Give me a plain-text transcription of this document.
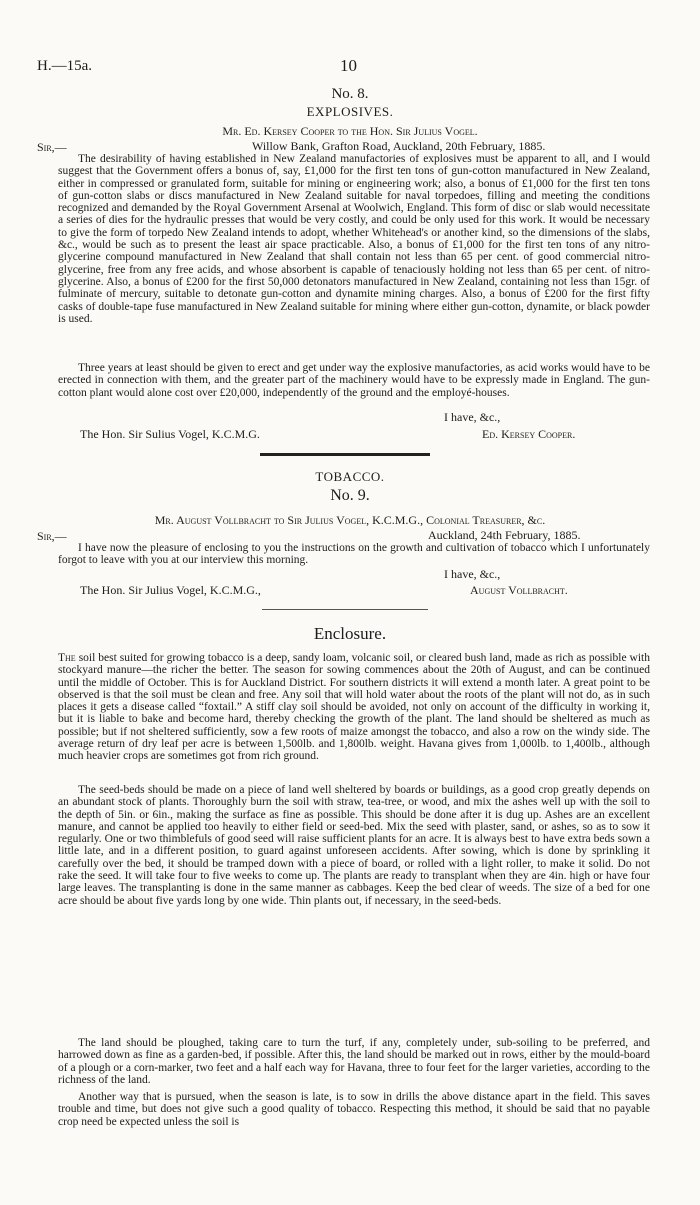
H.—15a.	10
No. 8.
EXPLOSIVES.
Mr. Ed. Kersey Cooper to the Hon. Sir Julius Vogel.
Sir,—	Willow Bank, Grafton Road, Auckland, 20th February, 1885.

The desirability of having established in New Zealand manufactories of explosives must be apparent to all, and I would suggest that the Government offers a bonus of, say, £1,000 for the first ten tons of gun-cotton manufactured in New Zealand, either in compressed or granulated form, suitable for mining or engineering work; also, a bonus of £1,000 for the first ten tons of gun-cotton slabs or discs manufactured in New Zealand suitable for naval torpedoes, filling and meeting the conditions recognized and demanded by the Royal Government Arsenal at Woolwich, England. This form of disc or slab would necessitate a series of dies for the hydraulic presses that would be very costly, and could be only used for this work. It would be necessary to give the form of torpedo New Zealand intends to adopt, whether Whitehead's or another kind, so the dimensions of the slabs, &c., would be such as to present the least air space practicable. Also, a bonus of £1,000 for the first ten tons of any nitro-glycerine compound manufactured in New Zealand that shall contain not less than 65 per cent. of good commercial nitro-glycerine, free from any free acids, and whose absorbent is capable of tenaciously holding not less than 65 per cent. of nitro-glycerine. Also, a bonus of £200 for the first 50,000 detonators manufactured in New Zealand, containing not less than 15gr. of fulminate of mercury, suitable to detonate gun-cotton and dynamite mining charges. Also, a bonus of £200 for the first fifty casks of double-tape fuse manufactured in New Zealand suitable for mining where either gun-cotton, dynamite, or black powder is used.

Three years at least should be given to erect and get under way the explosive manufactories, as acid works would have to be erected in connection with them, and the greater part of the machinery would have to be expressly made in England. The gun-cotton plant would alone cost over £20,000, independently of the ground and the employé-houses.

I have, &c.,
The Hon. Sir Sulius Vogel, K.C.M.G.	Ed. Kersey Cooper.
TOBACCO.
No. 9.
Mr. August Vollbracht to Sir Julius Vogel, K.C.M.G., Colonial Treasurer, &c.
Sir,—	Auckland, 24th February, 1885.

I have now the pleasure of enclosing to you the instructions on the growth and cultivation of tobacco which I unfortunately forgot to leave with you at our interview this morning.

I have, &c.,
The Hon. Sir Julius Vogel, K.C.M.G.,	August Vollbracht.
Enclosure.

The soil best suited for growing tobacco is a deep, sandy loam, volcanic soil, or cleared bush land, made as rich as possible with stockyard manure—the richer the better. The season for sowing commences about the 20th of August, and can be continued until the middle of October. This is for Auckland District. For southern districts it will extend a month later. A great point to be observed is that the soil must be clean and free. Any soil that will hold water about the roots of the plant will not do, as in such places it gets a disease called “foxtail.” A stiff clay soil should be avoided, not only on account of the difficulty in working it, but it is liable to bake and become hard, thereby checking the growth of the plant. The land should be sheltered as much as possible; but if not sheltered sufficiently, sow a few roots of maize amongst the tobacco, and also a row on the windy side. The average return of dry leaf per acre is between 1,500lb. and 1,800lb. weight. Havana gives from 1,000lb. to 1,400lb., although much heavier crops are sometimes got from rich ground.

The seed-beds should be made on a piece of land well sheltered by boards or buildings, as a good crop greatly depends on an abundant stock of plants. Thoroughly burn the soil with straw, tea-tree, or wood, and mix the ashes well up with the soil to the depth of 5in. or 6in., making the surface as fine as possible. This should be done after it is dug up. Ashes are an excellent manure, and cannot be applied too heavily to either field or seed-bed. Mix the seed with plaster, sand, or ashes, so as to sow it regularly. One or two thimblefuls of good seed will raise sufficient plants for an acre. It is always best to have extra beds sown a little late, and in a different position, to guard against unforeseen accidents. After sowing, which is done by sprinkling it carefully over the bed, it should be tramped down with a piece of board, or rolled with a light roller, to make it solid. Do not rake the seed. It will take four to five weeks to come up. The plants are ready to transplant when they are 4in. high or have four large leaves. The transplanting is done in the same manner as cabbages. Keep the bed clear of weeds. The size of a bed for one acre should be about five yards long by one wide. Thin plants out, if necessary, in the seed-beds.

The land should be ploughed, taking care to turn the turf, if any, completely under, sub-soiling to be preferred, and harrowed down as fine as a garden-bed, if possible. After this, the land should be marked out in rows, either by the mould-board of a plough or a corn-marker, two feet and a half each way for Havana, three to four feet for the larger varieties, according to the richness of the land.

Another way that is pursued, when the season is late, is to sow in drills the above distance apart in the field. This saves trouble and time, but does not give such a good quality of tobacco. Respecting this method, it should be said that no payable crop need be expected unless the soil is
